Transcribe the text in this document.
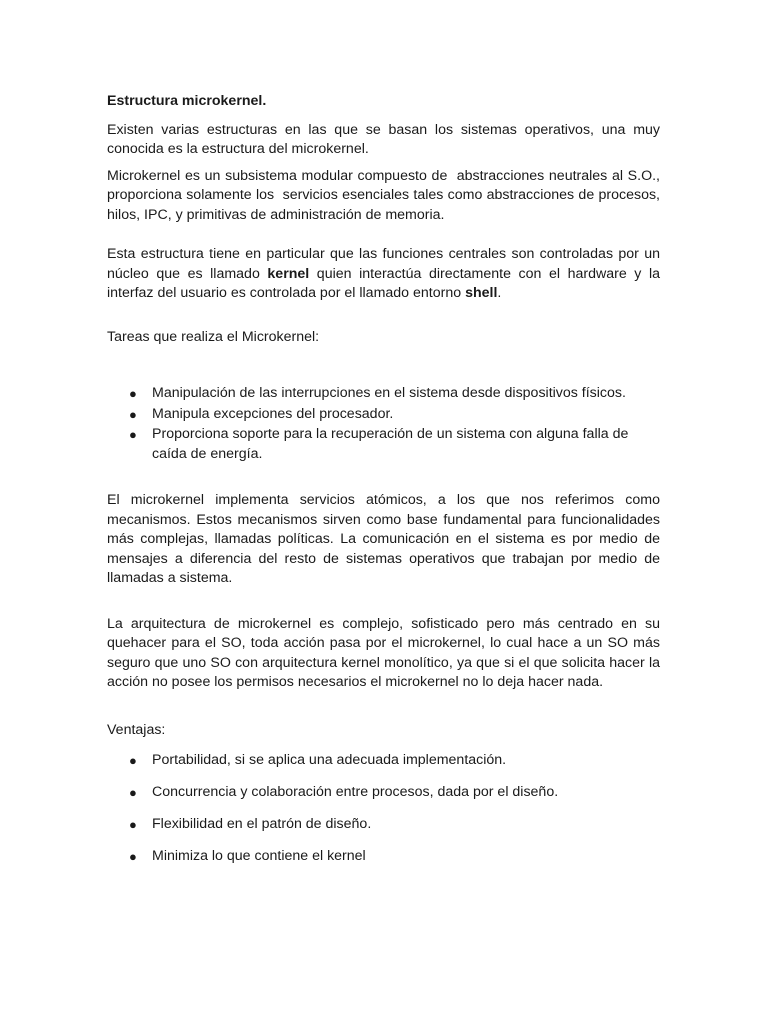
Estructura microkernel.

Existen varias estructuras en las que se basan los sistemas operativos, una muy conocida es la estructura del microkernel.

Microkernel es un subsistema modular compuesto de  abstracciones neutrales al S.O., proporciona solamente los  servicios esenciales tales como abstracciones de procesos,     hilos, IPC, y primitivas de administración de memoria.

Esta estructura tiene en particular que las funciones centrales son controladas por un núcleo que es llamado kernel quien interactúa directamente con el hardware y la interfaz del usuario es controlada por el llamado entorno shell.

Tareas que realiza el Microkernel:

● Manipulación de las interrupciones en el sistema desde dispositivos físicos.
● Manipula excepciones del procesador.
● Proporciona soporte para la recuperación de un sistema con alguna falla de caída de energía.

El microkernel implementa servicios atómicos, a los que nos referimos como mecanismos. Estos mecanismos sirven como base fundamental para funcionalidades más complejas, llamadas políticas. La comunicación en el sistema es por medio de mensajes a diferencia del resto de sistemas operativos que trabajan por medio de llamadas a sistema.

La arquitectura de microkernel es complejo, sofisticado pero más centrado en su quehacer para el SO, toda acción pasa por el microkernel, lo cual hace a un SO más seguro que uno SO con arquitectura kernel monolítico, ya que si el que solicita hacer la acción no posee los permisos necesarios el microkernel no lo deja hacer nada.

Ventajas:

● Portabilidad, si se aplica una adecuada implementación.
● Concurrencia y colaboración entre procesos, dada por el diseño.
● Flexibilidad en el patrón de diseño.
● Minimiza lo que contiene el kernel
